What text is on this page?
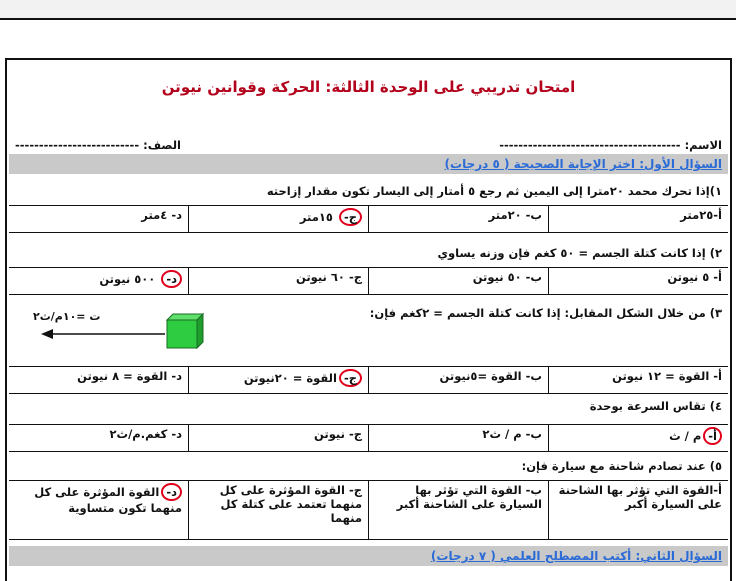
امتحان تدريبي على الوحدة الثالثة: الحركة وقوانين نيوتن
الاسم: --------------------------------------
الصف: --------------------------
السؤال الأول: اختر الإجابة الصحيحة ( ٥ درجات)
١)إذا تحرك محمد ٢٠مترا إلى اليمين ثم رجع ٥ أمتار إلى اليسار تكون مقدار إزاحته
أ-٢٥متر
ب- ٢٠متر
ج- ١٥متر
د- ٤متر
٢) إذا كانت كتلة الجسم = ٥٠ كغم فإن وزنه يساوي
أ- ٥ نيوتن
ب- ٥٠ نيوتن
ج- ٦٠ نيوتن
د- ٥٠٠ نيوتن
٣) من خلال الشكل المقابل: إذا كانت كتلة الجسم = ٢كغم فإن:
ت =١٠م/ث٢
أ- القوة = ١٢ نيوتن
ب- القوة =٥نيوتن
ج-القوة = ٢٠نيوتن
د- القوة = ٨ نيوتن
٤) تقاس السرعة بوحدة
أ-م / ث
ب- م / ث٢
ج- نيوتن
د- كغم.م/ث٢
٥) عند تصادم شاحنة مع سيارة فإن:
أ-القوة التي تؤثر بها الشاحنة على السيارة أكبر
ب- القوة التي تؤثر بها السيارة على الشاحنة أكبر
ج- القوة المؤثرة على كل منهما تعتمد على كتلة كل منهما
د-القوة المؤثرة على كل منهما تكون متساوية
السؤال الثاني: أكتب المصطلح العلمي ( ٧ درجات)
